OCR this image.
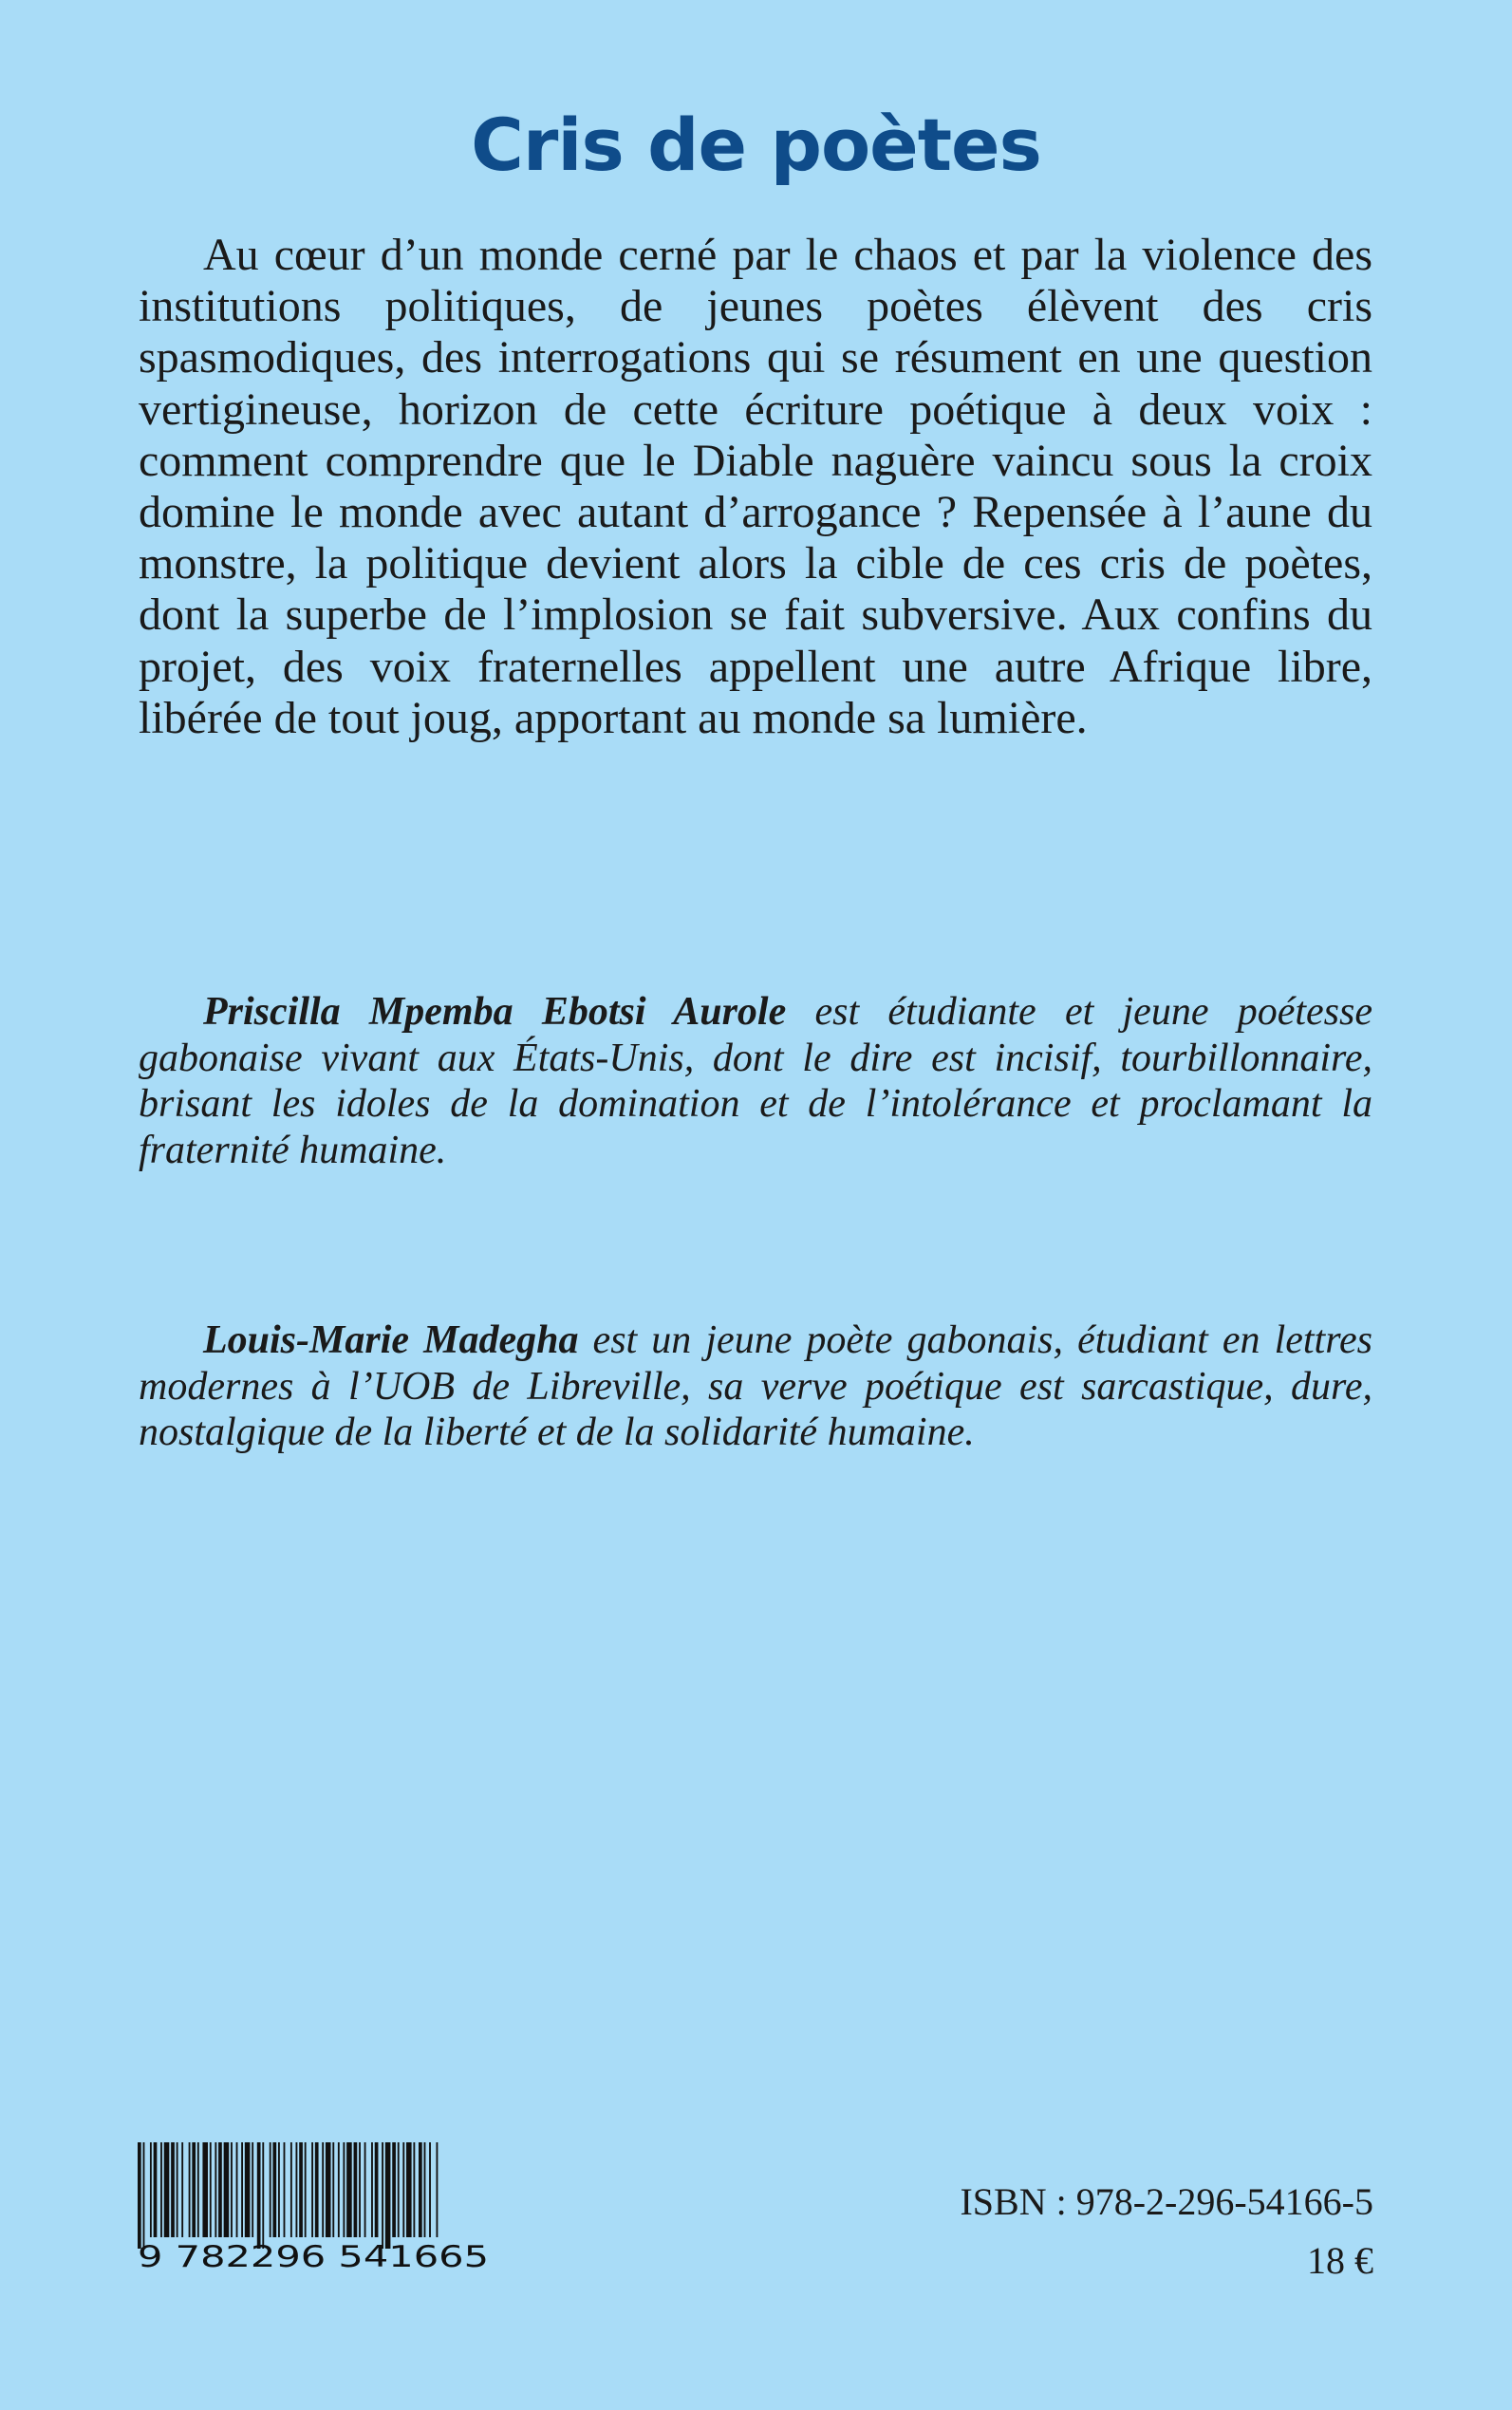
Cris de poètes

Au cœur d’un monde cerné par le chaos et par la violence des institutions politiques, de jeunes poètes élèvent des cris spasmodiques, des interrogations qui se résument en une question vertigineuse, horizon de cette écriture poétique à deux voix : comment comprendre que le Diable naguère vaincu sous la croix domine le monde avec autant d’arrogance ? Repensée à l’aune du monstre, la politique devient alors la cible de ces cris de poètes, dont la superbe de l’implosion se fait subversive. Aux confins du projet, des voix fraternelles appellent une autre Afrique libre, libérée de tout joug, apportant au monde sa lumière.

Priscilla Mpemba Ebotsi Aurole est étudiante et jeune poétesse gabonaise vivant aux États-Unis, dont le dire est incisif, tourbillonnaire, brisant les idoles de la domination et de l’intolérance et proclamant la fraternité humaine.

Louis-Marie Madegha est un jeune poète gabonais, étudiant en lettres modernes à l’UOB de Libreville, sa verve poétique est sarcastique, dure, nostalgique de la liberté et de la solidarité humaine.

9 782296 541665
ISBN : 978-2-296-54166-5
18 €
